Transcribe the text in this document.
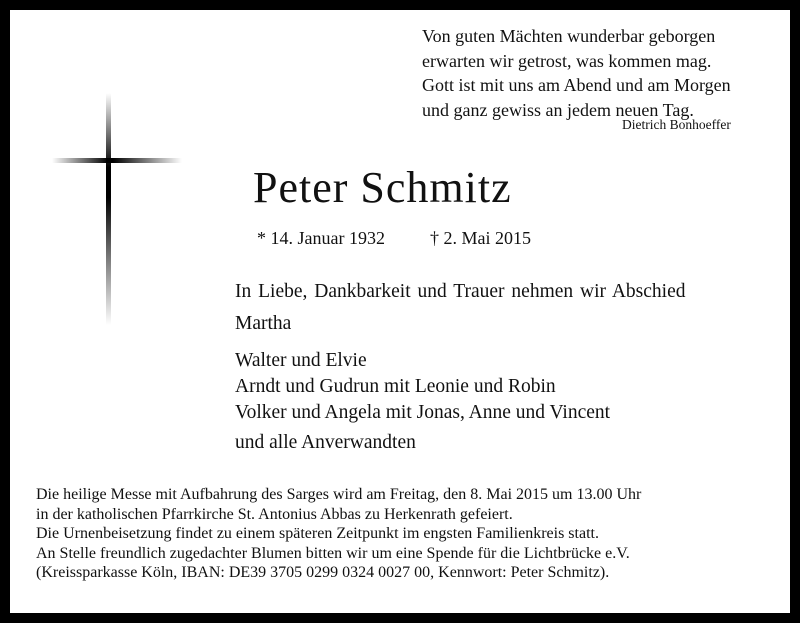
Von guten Mächten wunderbar geborgen
erwarten wir getrost, was kommen mag.
Gott ist mit uns am Abend und am Morgen
und ganz gewiss an jedem neuen Tag.
Dietrich Bonhoeffer
Peter Schmitz
* 14. Januar 1932	† 2. Mai 2015
In Liebe, Dankbarkeit und Trauer nehmen wir Abschied
Martha
Walter und Elvie
Arndt und Gudrun mit Leonie und Robin
Volker und Angela mit Jonas, Anne und Vincent
und alle Anverwandten
Die heilige Messe mit Aufbahrung des Sarges wird am Freitag, den 8. Mai 2015 um 13.00 Uhr
in der katholischen Pfarrkirche St. Antonius Abbas zu Herkenrath gefeiert.
Die Urnenbeisetzung findet zu einem späteren Zeitpunkt im engsten Familienkreis statt.
An Stelle freundlich zugedachter Blumen bitten wir um eine Spende für die Lichtbrücke e.V.
(Kreissparkasse Köln, IBAN: DE39 3705 0299 0324 0027 00, Kennwort: Peter Schmitz).
